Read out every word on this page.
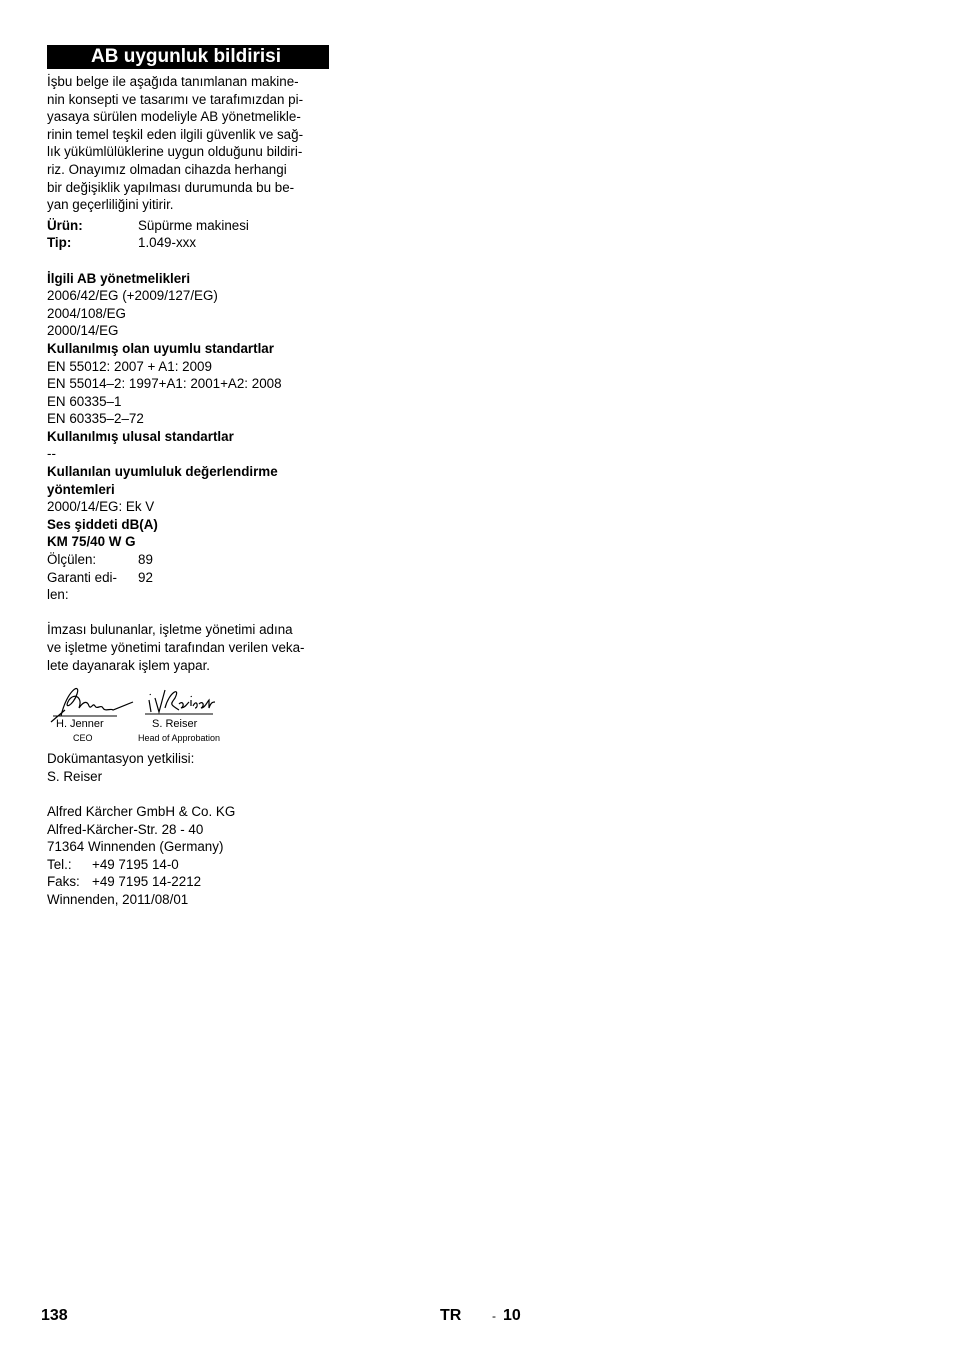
AB uygunluk bildirisi
İşbu belge ile aşağıda tanımlanan makine-
nin konsepti ve tasarımı ve tarafımızdan pi-
yasaya sürülen modeliyle AB yönetmelikle-
rinin temel teşkil eden ilgili güvenlik ve sağ-
lık yükümlülüklerine uygun olduğunu bildiri-
riz. Onayımız olmadan cihazda herhangi
bir değişiklik yapılması durumunda bu be-
yan geçerliliğini yitirir.
Ürün:	Süpürme makinesi
Tip:	1.049-xxx
İlgili AB yönetmelikleri
2006/42/EG (+2009/127/EG)
2004/108/EG
2000/14/EG
Kullanılmış olan uyumlu standartlar
EN 55012: 2007 + A1: 2009
EN 55014–2: 1997+A1: 2001+A2: 2008
EN 60335–1
EN 60335–2–72
Kullanılmış ulusal standartlar
--
Kullanılan uyumluluk değerlendirme
yöntemleri
2000/14/EG: Ek V
Ses şiddeti dB(A)
KM 75/40 W G
Ölçülen:	89
Garanti edi-	92
len:
İmzası bulunanlar, işletme yönetimi adına
ve işletme yönetimi tarafından verilen veka-
lete dayanarak işlem yapar.
H. Jenner
CEO
S. Reiser
Head of Approbation
Dokümantasyon yetkilisi:
S. Reiser
Alfred Kärcher GmbH & Co. KG
Alfred-Kärcher-Str. 28 - 40
71364 Winnenden (Germany)
Tel.:	+49 7195 14-0
Faks: +49 7195 14-2212
Winnenden, 2011/08/01
138	TR	- 10
